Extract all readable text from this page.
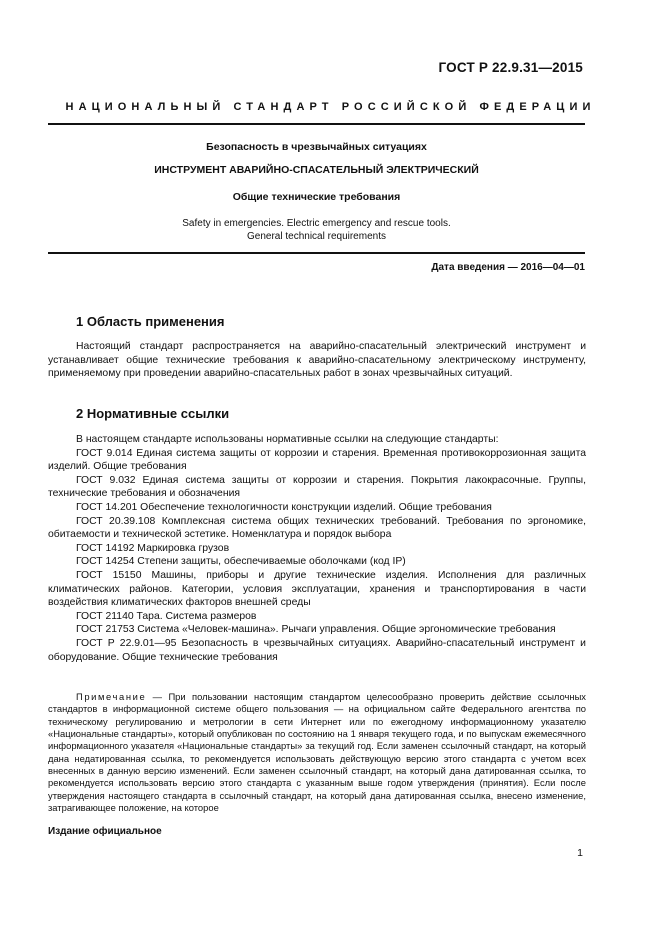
ГОСТ Р 22.9.31—2015
НАЦИОНАЛЬНЫЙ СТАНДАРТ РОССИЙСКОЙ ФЕДЕРАЦИИ
Безопасность в чрезвычайных ситуациях
ИНСТРУМЕНТ АВАРИЙНО-СПАСАТЕЛЬНЫЙ ЭЛЕКТРИЧЕСКИЙ
Общие технические требования
Safety in emergencies. Electric emergency and rescue tools.
General technical requirements
Дата введения — 2016—04—01
1 Область применения
Настоящий стандарт распространяется на аварийно-спасательный электрический инструмент и устанавливает общие технические требования к аварийно-спасательному электрическому инструменту, применяемому при проведении аварийно-спасательных работ в зонах чрезвычайных ситуаций.
2 Нормативные ссылки
В настоящем стандарте использованы нормативные ссылки на следующие стандарты:
ГОСТ 9.014 Единая система защиты от коррозии и старения. Временная противокоррозионная защита изделий. Общие требования
ГОСТ 9.032 Единая система защиты от коррозии и старения. Покрытия лакокрасочные. Группы, технические требования и обозначения
ГОСТ 14.201 Обеспечение технологичности конструкции изделий. Общие требования
ГОСТ 20.39.108 Комплексная система общих технических требований. Требования по эргономике, обитаемости и технической эстетике. Номенклатура и порядок выбора
ГОСТ 14192 Маркировка грузов
ГОСТ 14254 Степени защиты, обеспечиваемые оболочками (код IP)
ГОСТ 15150 Машины, приборы и другие технические изделия. Исполнения для различных климатических районов. Категории, условия эксплуатации, хранения и транспортирования в части воздействия климатических факторов внешней среды
ГОСТ 21140 Тара. Система размеров
ГОСТ 21753 Система «Человек-машина». Рычаги управления. Общие эргономические требования
ГОСТ Р 22.9.01—95 Безопасность в чрезвычайных ситуациях. Аварийно-спасательный инструмент и оборудование. Общие технические требования
Примечание — При пользовании настоящим стандартом целесообразно проверить действие ссылочных стандартов в информационной системе общего пользования — на официальном сайте Федерального агентства по техническому регулированию и метрологии в сети Интернет или по ежегодному информационному указателю «Национальные стандарты», который опубликован по состоянию на 1 января текущего года, и по выпускам ежемесячного информационного указателя «Национальные стандарты» за текущий год. Если заменен ссылочный стандарт, на который дана недатированная ссылка, то рекомендуется использовать действующую версию этого стандарта с учетом всех внесенных в данную версию изменений. Если заменен ссылочный стандарт, на который дана датированная ссылка, то рекомендуется использовать версию этого стандарта с указанным выше годом утверждения (принятия). Если после утверждения настоящего стандарта в ссылочный стандарт, на который дана датированная ссылка, внесено изменение, затрагивающее положение, на которое
Издание официальное
1
